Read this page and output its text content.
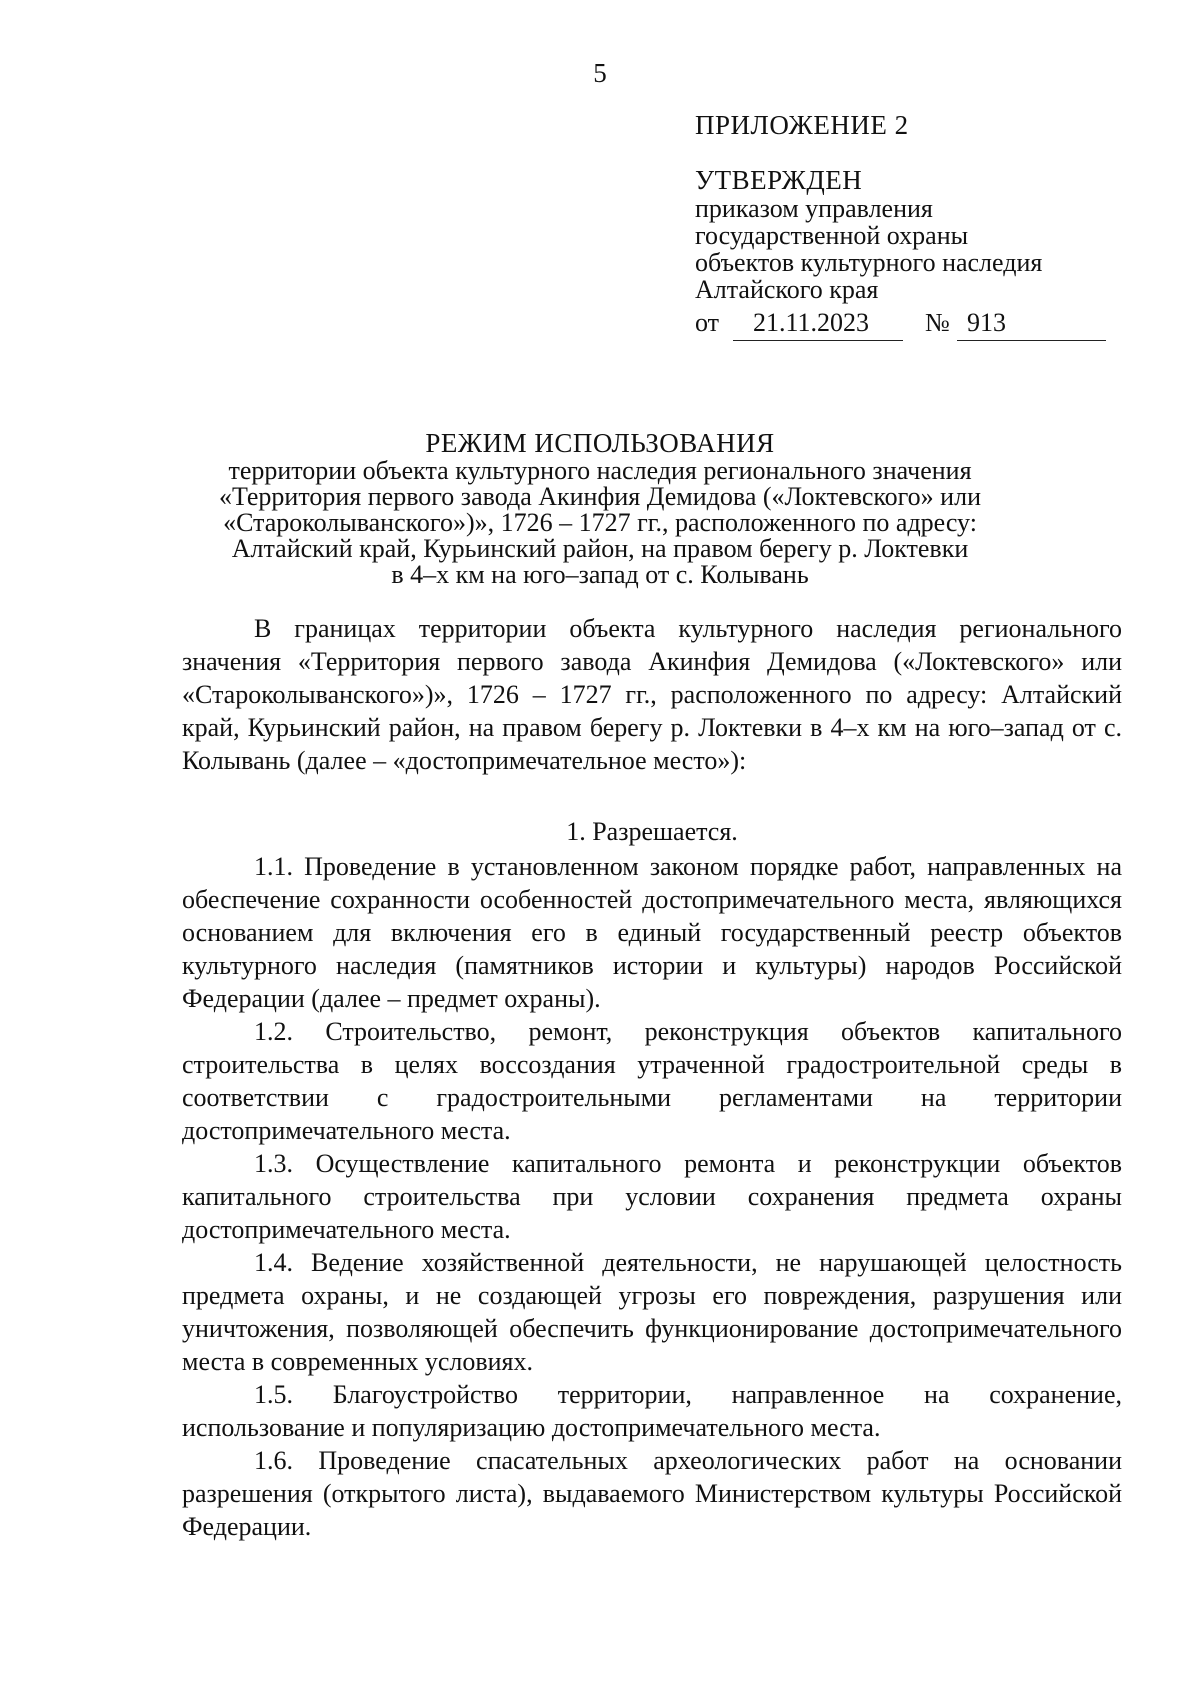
5
ПРИЛОЖЕНИЕ 2
УТВЕРЖДЕН
приказом управления
государственной охраны
объектов культурного наследия
Алтайского края
от	21.11.2023	№ 913
РЕЖИМ ИСПОЛЬЗОВАНИЯ
территории объекта культурного наследия регионального значения
«Территория первого завода Акинфия Демидова («Локтевского» или
«Староколыванского»)», 1726 – 1727 гг., расположенного по адресу:
Алтайский край, Курьинский район, на правом берегу р. Локтевки
в 4–х км на юго–запад от с. Колывань

В границах территории объекта культурного наследия регионального значения «Территория первого завода Акинфия Демидова («Локтевского» или «Староколыванского»)», 1726 – 1727 гг., расположенного по адресу: Алтайский край, Курьинский район, на правом берегу р. Локтевки в 4–х км на юго–запад от с. Колывань (далее – «достопримечательное место»):

1. Разрешается.

1.1. Проведение в установленном законом порядке работ, направленных на обеспечение сохранности особенностей достопримечательного места, являющихся основанием для включения его в единый государственный реестр объектов культурного наследия (памятников истории и культуры) народов Российской Федерации (далее – предмет охраны).

1.2. Строительство, ремонт, реконструкция объектов капитального строительства в целях воссоздания утраченной градостроительной среды в соответствии с градостроительными регламентами на территории достопримечательного места.

1.3. Осуществление капитального ремонта и реконструкции объектов капитального строительства при условии сохранения предмета охраны достопримечательного места.

1.4. Ведение хозяйственной деятельности, не нарушающей целостность предмета охраны, и не создающей угрозы его повреждения, разрушения или уничтожения, позволяющей обеспечить функционирование достопримечательного места в современных условиях.

1.5. Благоустройство территории, направленное на сохранение, использование и популяризацию достопримечательного места.

1.6. Проведение спасательных археологических работ на основании разрешения (открытого листа), выдаваемого Министерством культуры Российской Федерации.
